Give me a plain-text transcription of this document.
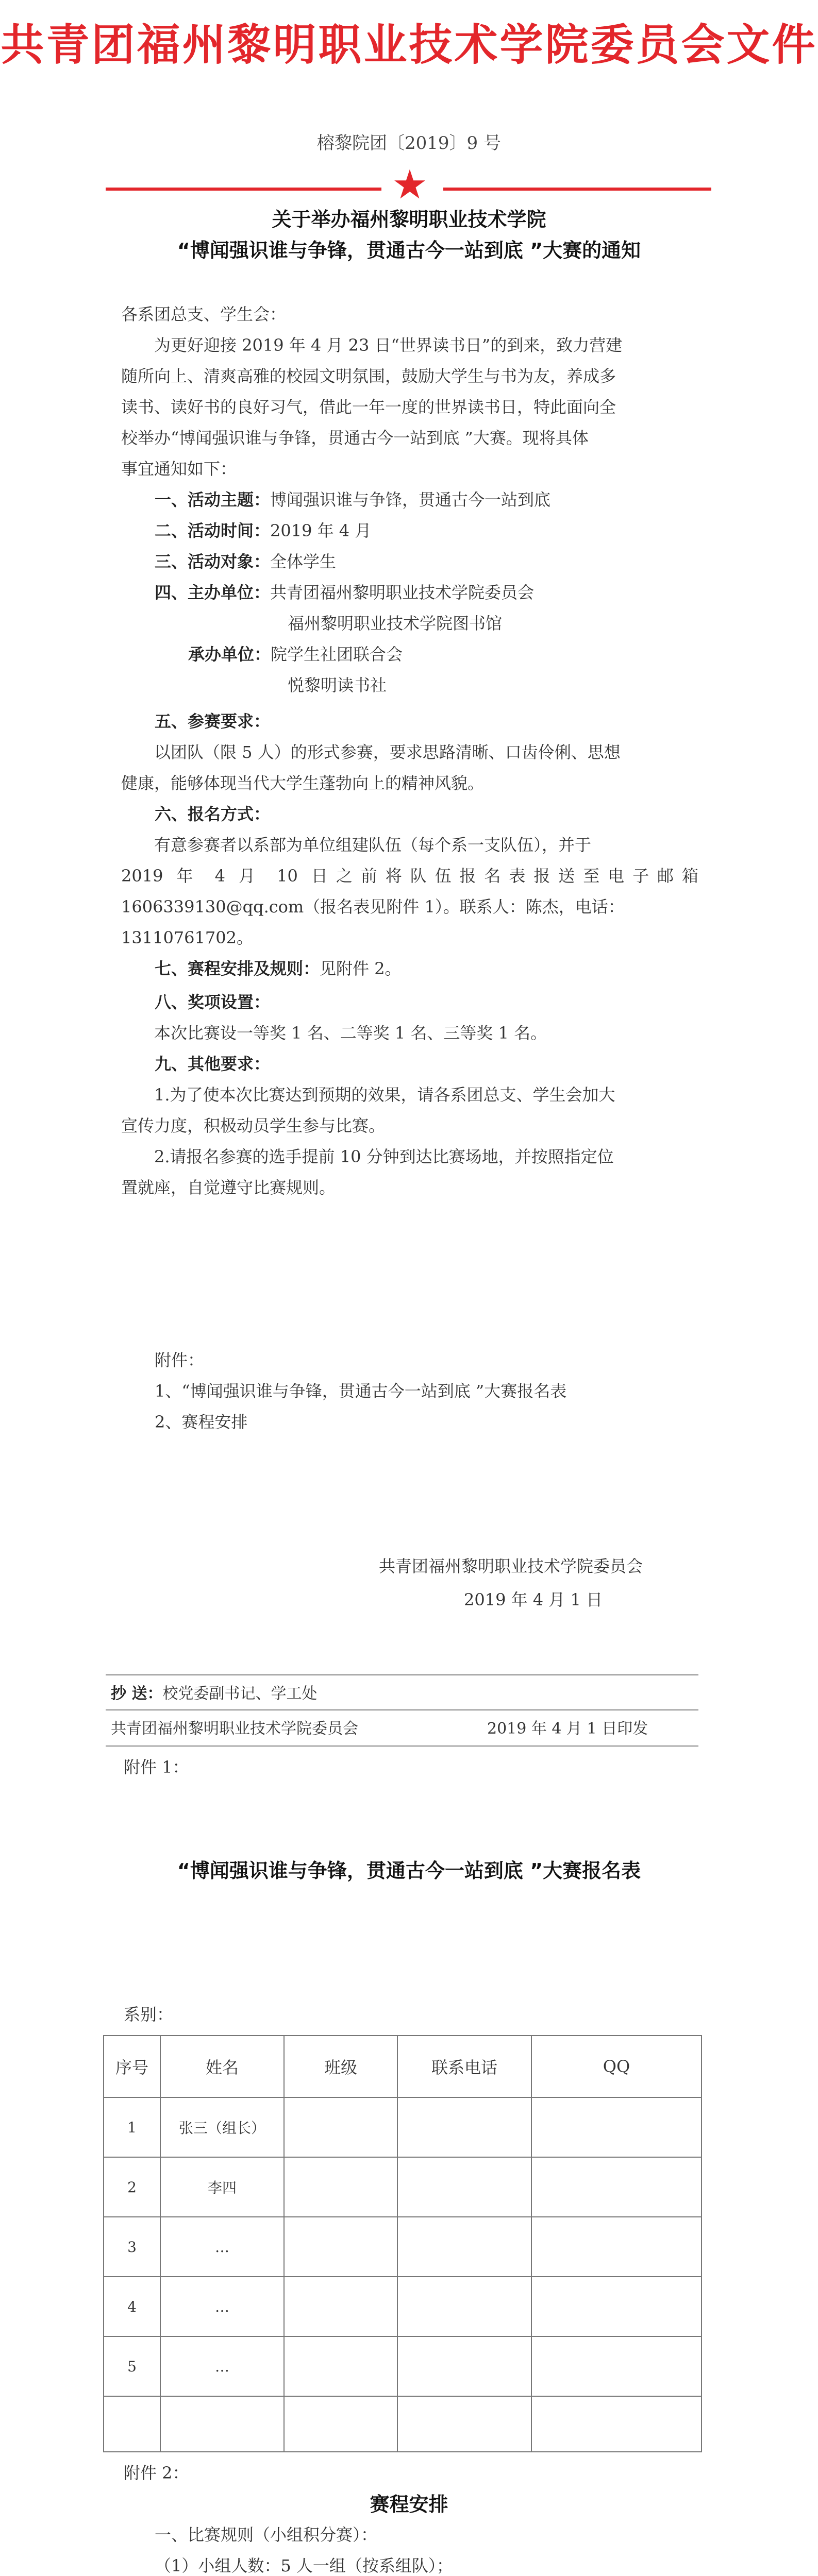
共青团福州黎明职业技术学院委员会文件
榕黎院团〔2019〕9 号
★
关于举办福州黎明职业技术学院
“博闻强识谁与争锋，贯通古今一站到底 ”大赛的通知
各系团总支、学生会：
为更好迎接 2019 年 4 月 23 日“世界读书日”的到来，致力营建
随所向上、清爽高雅的校园文明氛围，鼓励大学生与书为友，养成多
读书、读好书的良好习气，借此一年一度的世界读书日，特此面向全
校举办“博闻强识谁与争锋，贯通古今一站到底 ”大赛。现将具体
事宜通知如下：
一、活动主题：博闻强识谁与争锋，贯通古今一站到底
二、活动时间：2019 年 4 月
三、活动对象：全体学生
四、主办单位：共青团福州黎明职业技术学院委员会
福州黎明职业技术学院图书馆
承办单位：院学生社团联合会
悦黎明读书社
五、参赛要求：
以团队（限 5 人）的形式参赛，要求思路清晰、口齿伶俐、思想
健康，能够体现当代大学生蓬勃向上的精神风貌。
六、报名方式：
有意参赛者以系部为单位组建队伍（每个系一支队伍），并于
2019 年 4 月 10 日之前将队伍报名表报送至电子邮箱
1606339130@qq.com（报名表见附件 1）。联系人：陈杰，电话：
13110761702。
七、赛程安排及规则：见附件 2。
八、奖项设置：
本次比赛设一等奖 1 名、二等奖 1 名、三等奖 1 名。
九、其他要求：
1.为了使本次比赛达到预期的效果，请各系团总支、学生会加大
宣传力度，积极动员学生参与比赛。
2.请报名参赛的选手提前 10 分钟到达比赛场地，并按照指定位
置就座，自觉遵守比赛规则。
附件：
1、“博闻强识谁与争锋，贯通古今一站到底 ”大赛报名表
2、赛程安排
共青团福州黎明职业技术学院委员会
2019 年 4 月 1 日
抄 送：校党委副书记、学工处
共青团福州黎明职业技术学院委员会	2019 年 4 月 1 日印发
附件 1：
“博闻强识谁与争锋，贯通古今一站到底 ”大赛报名表
系别：
序号	姓名	班级	联系电话	QQ
1	张三（组长）
2	李四
3	…
4	…
5	…
附件 2：
赛程安排
一、比赛规则（小组积分赛）：
（1）小组人数：5 人一组（按系组队）；
